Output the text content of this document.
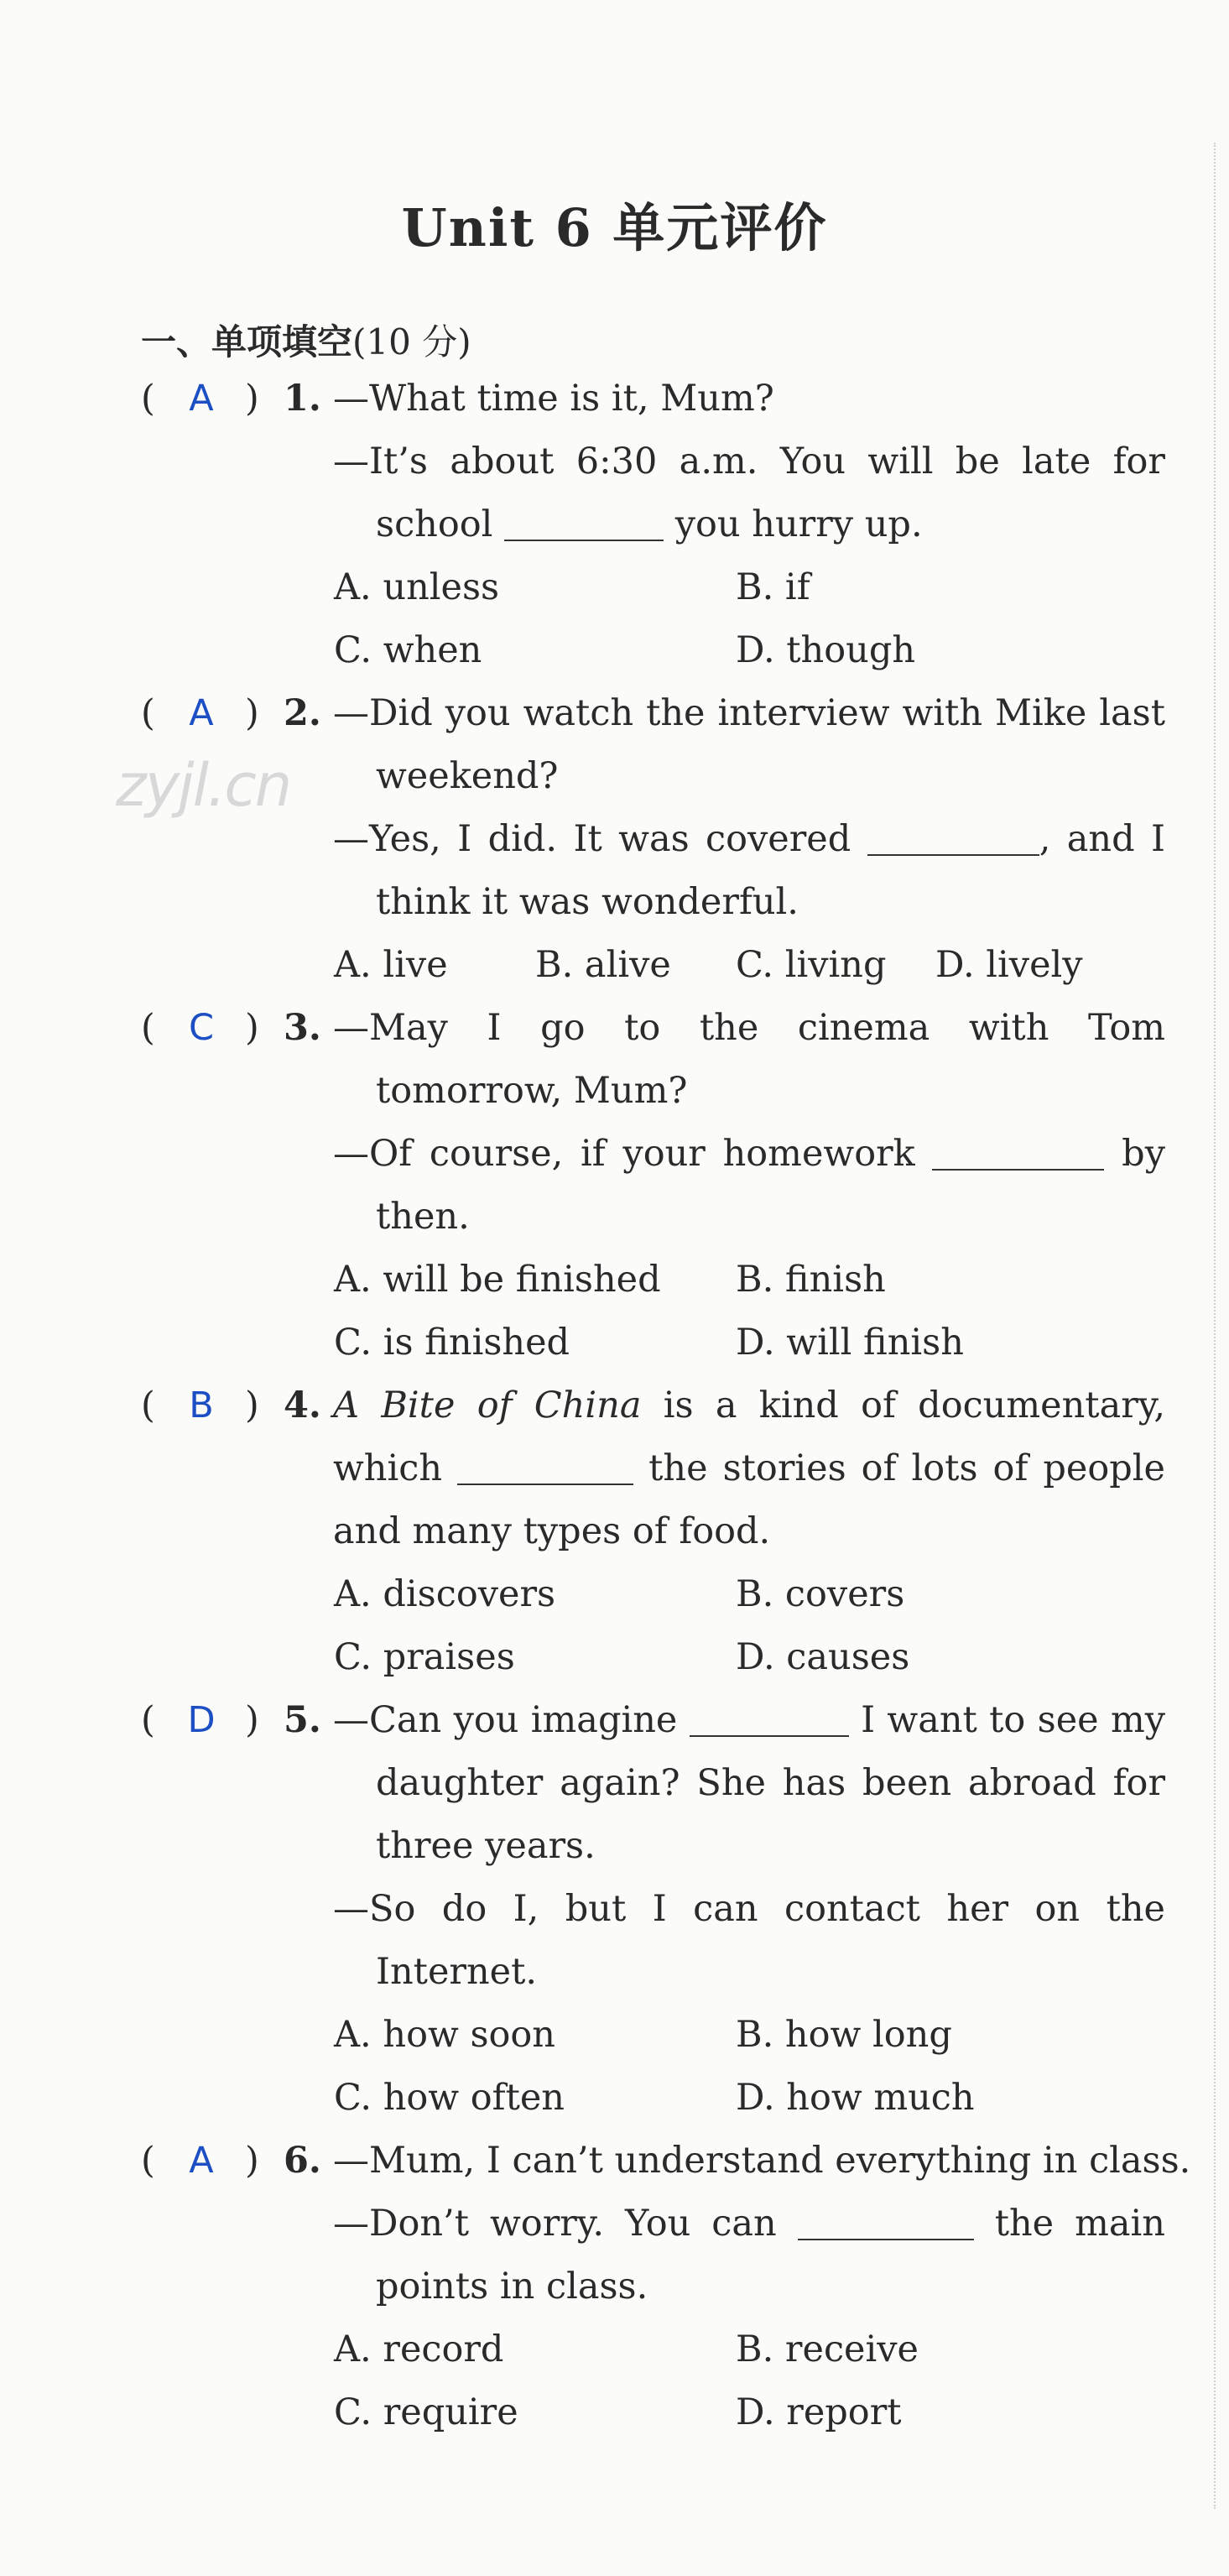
Unit 6 单元评价
一、单项填空(10 分)
zyjl.cn
( A ) 1. —What time is it, Mum?
—It’s about 6:30 a.m. You will be late for
school	you hurry up.
A. unless	B. if
C. when	D. though
( A ) 2. —Did you watch the interview with Mike last
weekend?
—Yes, I did. It was covered	, and I
think it was wonderful.
A. live B. alive C. living D. lively
( C ) 3. —May I go to the cinema with Tom
tomorrow, Mum?
—Of course, if your homework	by
then.
A. will be finished B. finish
C. is finished	D. will finish
( B ) 4. A Bite of China is a kind of documentary,
which	the stories of lots of people
and many types of food.
A. discovers	B. covers
C. praises	D. causes
( D ) 5. —Can you imagine	I want to see my
daughter again? She has been abroad for
three years.
—So do I, but I can contact her on the
Internet.
A. how soon	B. how long
C. how often	D. how much
( A ) 6. —Mum, I can’t understand everything in class.
—Don’t worry. You can	the main
points in class.
A. record	B. receive
C. require	D. report
